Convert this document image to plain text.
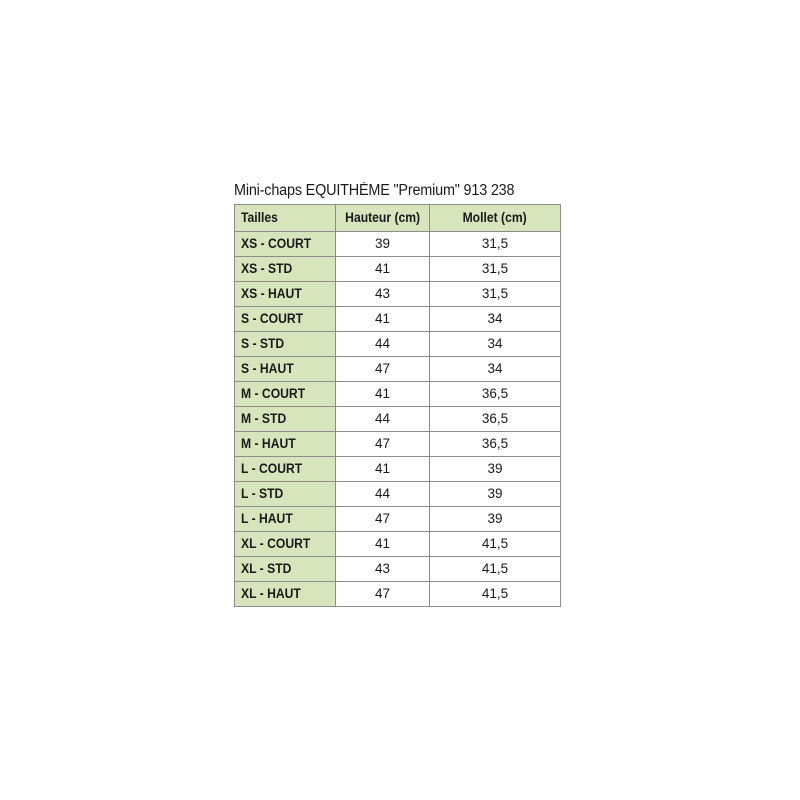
Mini-chaps EQUITHÈME "Premium" 913 238
Tailles	Hauteur (cm)	Mollet (cm)
XS - COURT	39	31,5
XS - STD	41	31,5
XS - HAUT	43	31,5
S - COURT	41	34
S - STD	44	34
S - HAUT	47	34
M - COURT	41	36,5
M - STD	44	36,5
M - HAUT	47	36,5
L - COURT	41	39
L - STD	44	39
L - HAUT	47	39
XL - COURT	41	41,5
XL - STD	43	41,5
XL - HAUT	47	41,5
